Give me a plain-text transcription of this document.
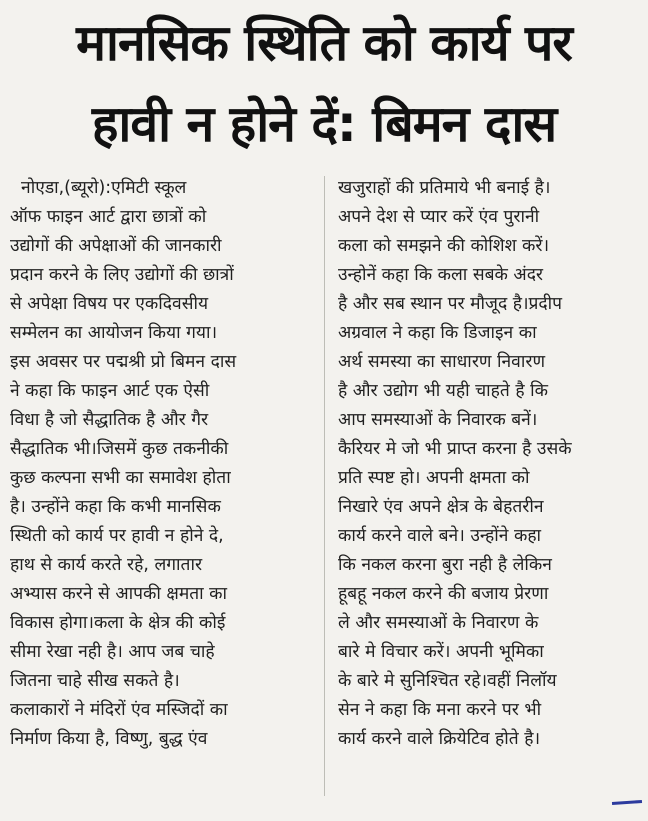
मानसिक स्थिति को कार्य पर
हावी न होने दें: बिमन दास

नोएडा,(ब्यूरो):एमिटी स्कूल

ऑफ फाइन आर्ट द्वारा छात्रों को

उद्योगों की अपेक्षाओं की जानकारी

प्रदान करने के लिए उद्योगों की छात्रों

से अपेक्षा विषय पर एकदिवसीय

सम्मेलन का आयोजन किया गया।

इस अवसर पर पद्मश्री प्रो बिमन दास

ने कहा कि फाइन आर्ट एक ऐसी

विधा है जो सैद्धातिक है और गैर

सैद्धातिक भी।जिसमें कुछ तकनीकी

कुछ कल्पना सभी का समावेश होता

है। उन्होंने कहा कि कभी मानसिक

स्थिती को कार्य पर हावी न होने दे,

हाथ से कार्य करते रहे, लगातार

अभ्यास करने से आपकी क्षमता का

विकास होगा।कला के क्षेत्र की कोई

सीमा रेखा नही है। आप जब चाहे

जितना चाहे सीख सकते है।

कलाकारों ने मंदिरों एंव मस्जिदों का

निर्माण किया है, विष्णु, बुद्ध एंव

खजुराहों की प्रतिमाये भी बनाई है।

अपने देश से प्यार करें एंव पुरानी

कला को समझने की कोशिश करें।

उन्होनें कहा कि कला सबके अंदर

है और सब स्थान पर मौजूद है।प्रदीप

अग्रवाल ने कहा कि डिजाइन का

अर्थ समस्या का साधारण निवारण

है और उद्योग भी यही चाहते है कि

आप समस्याओं के निवारक बनें।

कैरियर मे जो भी प्राप्त करना है उसके

प्रति स्पष्ट हो। अपनी क्षमता को

निखारे एंव अपने क्षेत्र के बेहतरीन

कार्य करने वाले बने। उन्होंने कहा

कि नकल करना बुरा नही है लेकिन

हूबहू नकल करने की बजाय प्रेरणा

ले और समस्याओं के निवारण के

बारे मे विचार करें। अपनी भूमिका

के बारे मे सुनिश्चित रहे।वहीं निलॉय

सेन ने कहा कि मना करने पर भी

कार्य करने वाले क्रियेटिव होते है।
